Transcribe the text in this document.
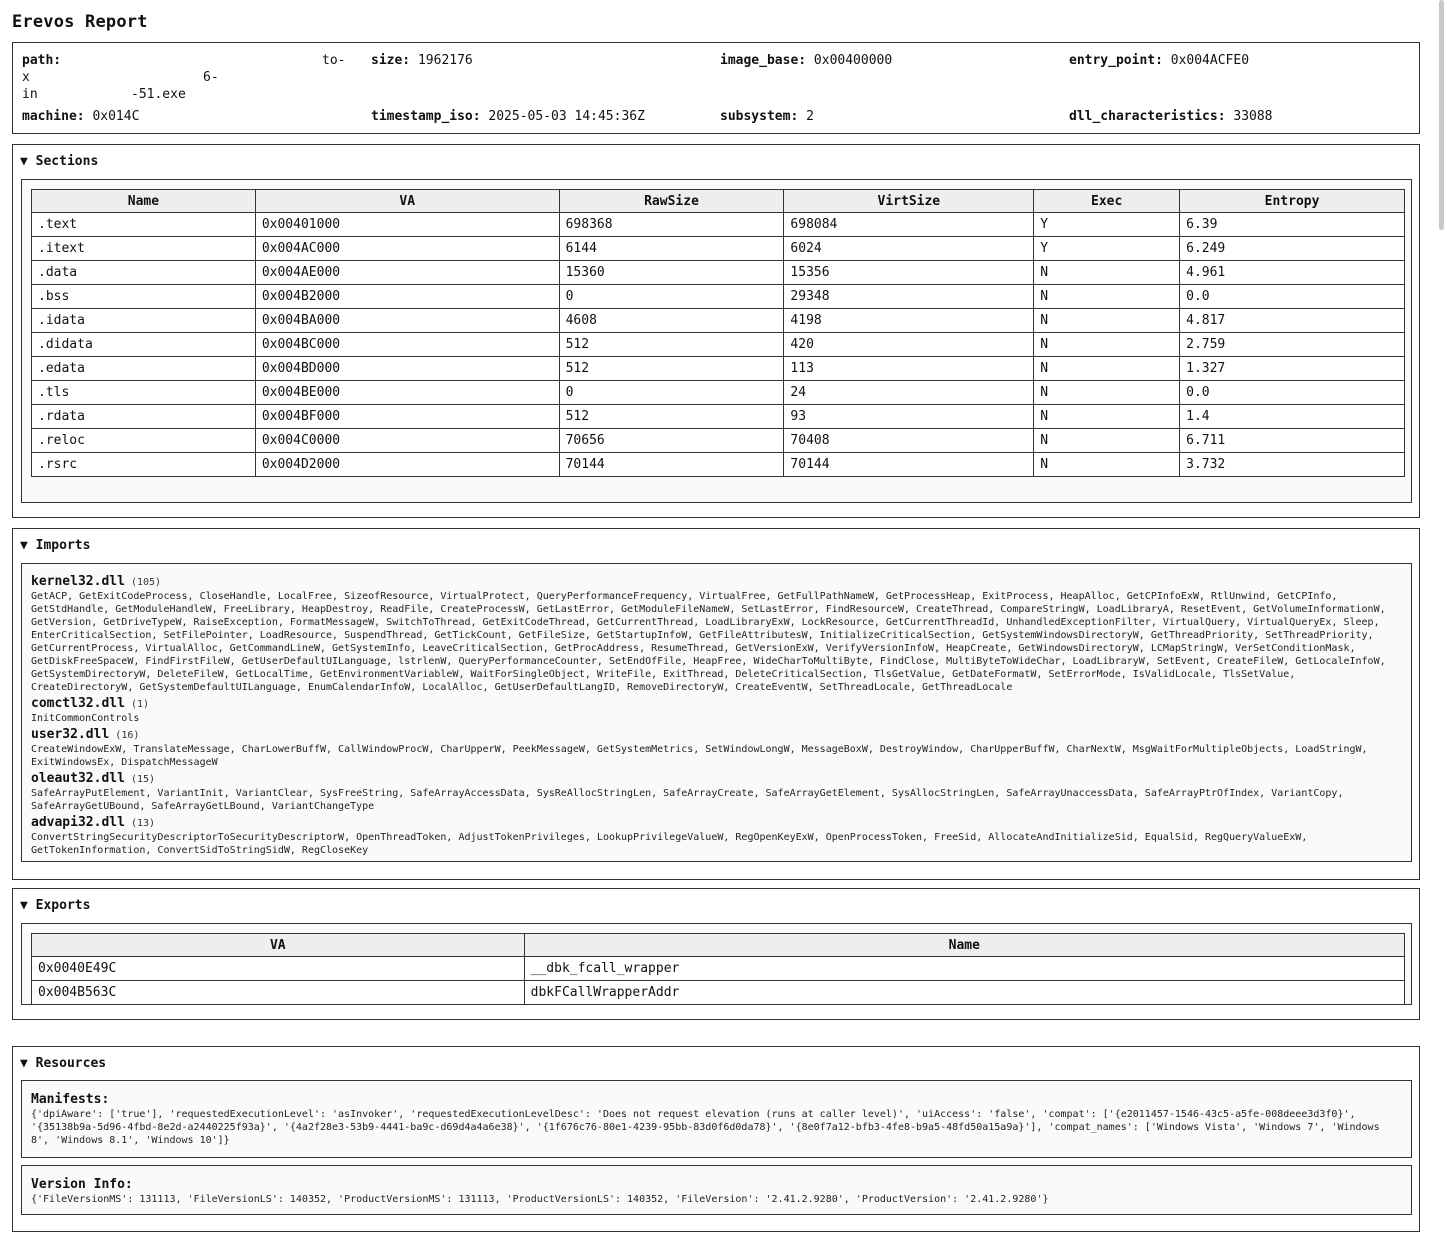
Erevos Report
path:	to-
x	6-
in	-51.exe
size: 1962176	image_base: 0x00400000	entry_point: 0x004ACFE0
machine: 0x014C	timestamp_iso: 2025-05-03 14:45:36Z	subsystem: 2	dll_characteristics: 33088
▼ Sections
Name	VA	RawSize	VirtSize	Exec	Entropy
.text	0x00401000	698368	698084	Y	6.39
.itext	0x004AC000	6144	6024	Y	6.249
.data	0x004AE000	15360	15356	N	4.961
.bss	0x004B2000	0	29348	N	0.0
.idata	0x004BA000	4608	4198	N	4.817
.didata	0x004BC000	512	420	N	2.759
.edata	0x004BD000	512	113	N	1.327
.tls	0x004BE000	0	24	N	0.0
.rdata	0x004BF000	512	93	N	1.4
.reloc	0x004C0000	70656	70408	N	6.711
.rsrc	0x004D2000	70144	70144	N	3.732
▼ Imports
kernel32.dll (105)
GetACP, GetExitCodeProcess, CloseHandle, LocalFree, SizeofResource, VirtualProtect, QueryPerformanceFrequency, VirtualFree, GetFullPathNameW, GetProcessHeap, ExitProcess, HeapAlloc, GetCPInfoExW, RtlUnwind, GetCPInfo, GetStdHandle, GetModuleHandleW, FreeLibrary, HeapDestroy, ReadFile, CreateProcessW, GetLastError, GetModuleFileNameW, SetLastError, FindResourceW, CreateThread, CompareStringW, LoadLibraryA, ResetEvent, GetVolumeInformationW, GetVersion, GetDriveTypeW, RaiseException, FormatMessageW, SwitchToThread, GetExitCodeThread, GetCurrentThread, LoadLibraryExW, LockResource, GetCurrentThreadId, UnhandledExceptionFilter, VirtualQuery, VirtualQueryEx, Sleep, EnterCriticalSection, SetFilePointer, LoadResource, SuspendThread, GetTickCount, GetFileSize, GetStartupInfoW, GetFileAttributesW, InitializeCriticalSection, GetSystemWindowsDirectoryW, GetThreadPriority, SetThreadPriority, GetCurrentProcess, VirtualAlloc, GetCommandLineW, GetSystemInfo, LeaveCriticalSection, GetProcAddress, ResumeThread, GetVersionExW, VerifyVersionInfoW, HeapCreate, GetWindowsDirectoryW, LCMapStringW, VerSetConditionMask, GetDiskFreeSpaceW, FindFirstFileW, GetUserDefaultUILanguage, lstrlenW, QueryPerformanceCounter, SetEndOfFile, HeapFree, WideCharToMultiByte, FindClose, MultiByteToWideChar, LoadLibraryW, SetEvent, CreateFileW, GetLocaleInfoW, GetSystemDirectoryW, DeleteFileW, GetLocalTime, GetEnvironmentVariableW, WaitForSingleObject, WriteFile, ExitThread, DeleteCriticalSection, TlsGetValue, GetDateFormatW, SetErrorMode, IsValidLocale, TlsSetValue, CreateDirectoryW, GetSystemDefaultUILanguage, EnumCalendarInfoW, LocalAlloc, GetUserDefaultLangID, RemoveDirectoryW, CreateEventW, SetThreadLocale, GetThreadLocale
comctl32.dll (1)
InitCommonControls
user32.dll (16)
CreateWindowExW, TranslateMessage, CharLowerBuffW, CallWindowProcW, CharUpperW, PeekMessageW, GetSystemMetrics, SetWindowLongW, MessageBoxW, DestroyWindow, CharUpperBuffW, CharNextW, MsgWaitForMultipleObjects, LoadStringW, ExitWindowsEx, DispatchMessageW
oleaut32.dll (15)
SafeArrayPutElement, VariantInit, VariantClear, SysFreeString, SafeArrayAccessData, SysReAllocStringLen, SafeArrayCreate, SafeArrayGetElement, SysAllocStringLen, SafeArrayUnaccessData, SafeArrayPtrOfIndex, VariantCopy, SafeArrayGetUBound, SafeArrayGetLBound, VariantChangeType
advapi32.dll (13)
ConvertStringSecurityDescriptorToSecurityDescriptorW, OpenThreadToken, AdjustTokenPrivileges, LookupPrivilegeValueW, RegOpenKeyExW, OpenProcessToken, FreeSid, AllocateAndInitializeSid, EqualSid, RegQueryValueExW, GetTokenInformation, ConvertSidToStringSidW, RegCloseKey
▼ Exports
VA	Name
0x0040E49C	__dbk_fcall_wrapper
0x004B563C	dbkFCallWrapperAddr
▼ Resources
Manifests:
{'dpiAware': ['true'], 'requestedExecutionLevel': 'asInvoker', 'requestedExecutionLevelDesc': 'Does not request elevation (runs at caller level)', 'uiAccess': 'false', 'compat': ['{e2011457-1546-43c5-a5fe-008deee3d3f0}', '{35138b9a-5d96-4fbd-8e2d-a2440225f93a}', '{4a2f28e3-53b9-4441-ba9c-d69d4a4a6e38}', '{1f676c76-80e1-4239-95bb-83d0f6d0da78}', '{8e0f7a12-bfb3-4fe8-b9a5-48fd50a15a9a}'], 'compat_names': ['Windows Vista', 'Windows 7', 'Windows 8', 'Windows 8.1', 'Windows 10']}
Version Info:
{'FileVersionMS': 131113, 'FileVersionLS': 140352, 'ProductVersionMS': 131113, 'ProductVersionLS': 140352, 'FileVersion': '2.41.2.9280', 'ProductVersion': '2.41.2.9280'}
